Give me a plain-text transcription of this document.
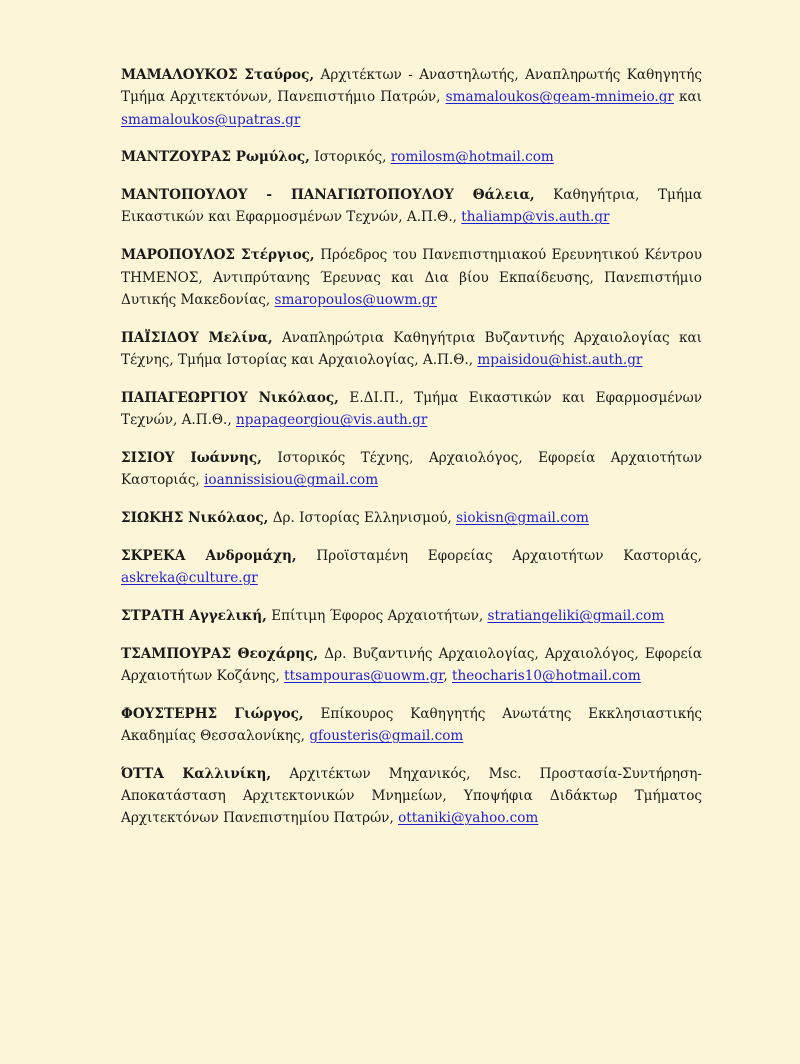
ΜΑΜΑΛΟΥΚΟΣ Σταύρος, Αρχιτέκτων - Αναστηλωτής, Αναπληρωτής Καθηγητής Τμήμα Αρχιτεκτόνων, Πανεπιστήμιο Πατρών, smamaloukos@geam-mnimeio.gr και smamaloukos@upatras.gr

ΜΑΝΤΖΟΥΡΑΣ Ρωμύλος, Ιστορικός, romilosm@hotmail.com

ΜΑΝΤΟΠΟΥΛΟΥ - ΠΑΝΑΓΙΩΤΟΠΟΥΛΟΥ Θάλεια, Καθηγήτρια, Τμήμα Εικαστικών και Εφαρμοσμένων Τεχνών, Α.Π.Θ., thaliamp@vis.auth.gr

ΜΑΡΟΠΟΥΛΟΣ Στέργιος, Πρόεδρος του Πανεπιστημιακού Ερευνητικού Κέντρου ΤΗΜΕΝΟΣ, Αντιπρύτανης Έρευνας και Δια βίου Εκπαίδευσης, Πανεπιστήμιο Δυτικής Μακεδονίας, smaropoulos@uowm.gr

ΠΑΪΣΙΔΟΥ Μελίνα, Αναπληρώτρια Καθηγήτρια Βυζαντινής Αρχαιολογίας και Τέχνης, Τμήμα Ιστορίας και Αρχαιολογίας, Α.Π.Θ., mpaisidou@hist.auth.gr

ΠΑΠΑΓΕΩΡΓΙΟΥ Νικόλαος, Ε.ΔΙ.Π., Τμήμα Εικαστικών και Εφαρμοσμένων Τεχνών, Α.Π.Θ., npapageorgiou@vis.auth.gr

ΣΙΣΙΟΥ Ιωάννης, Ιστορικός Τέχνης, Αρχαιολόγος, Εφορεία Αρχαιοτήτων Καστοριάς, ioannissisiou@gmail.com

ΣΙΩΚΗΣ Νικόλαος, Δρ. Ιστορίας Ελληνισμού, siokisn@gmail.com

ΣΚΡΕΚΑ Ανδρομάχη, Προϊσταμένη Εφορείας Αρχαιοτήτων Καστοριάς, askreka@culture.gr

ΣΤΡΑΤΗ Αγγελική, Επίτιμη Έφορος Αρχαιοτήτων, stratiangeliki@gmail.com

ΤΣΑΜΠΟΥΡΑΣ Θεοχάρης, Δρ. Βυζαντινής Αρχαιολογίας, Αρχαιολόγος, Εφορεία Αρχαιοτήτων Κοζάνης, ttsampouras@uowm.gr, theocharis10@hotmail.com

ΦΟΥΣΤΕΡΗΣ Γιώργος, Επίκουρος Καθηγητής Ανωτάτης Εκκλησιαστικής Ακαδημίας Θεσσαλονίκης, gfousteris@gmail.com

ΌΤΤΑ Καλλινίκη, Αρχιτέκτων Μηχανικός, Msc. Προστασία-Συντήρηση-Αποκατάσταση Αρχιτεκτονικών Μνημείων, Υποψήφια Διδάκτωρ Τμήματος Αρχιτεκτόνων Πανεπιστημίου Πατρών, ottaniki@yahoo.com
